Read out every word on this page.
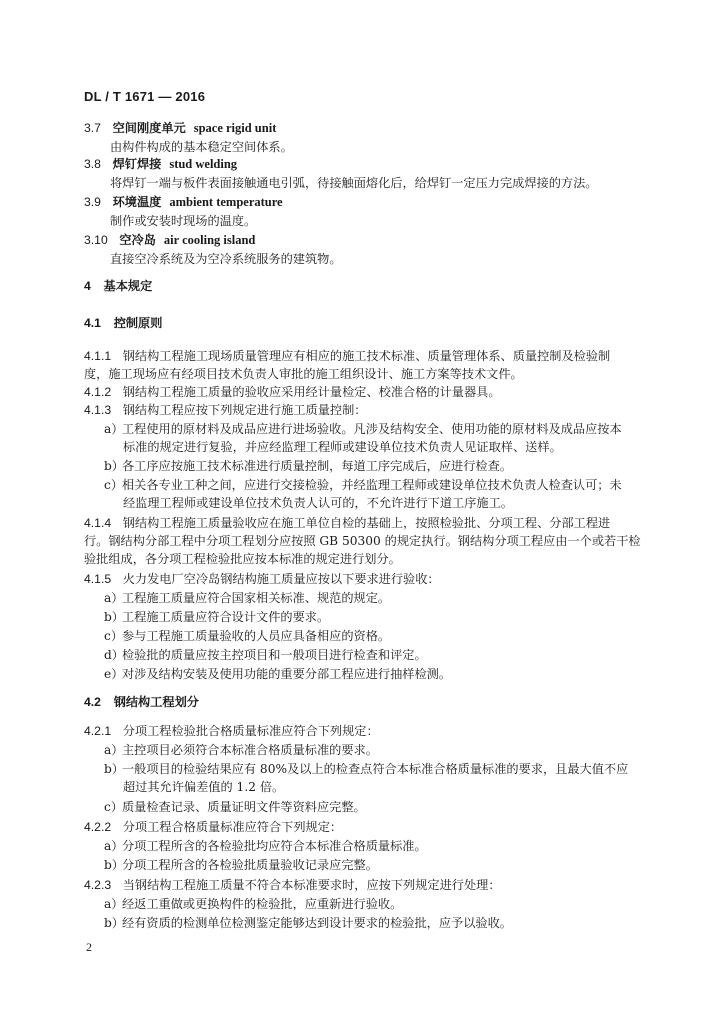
DL / T 1671 — 2016
3.7 空间刚度单元 space rigid unit
由构件构成的基本稳定空间体系。
3.8 焊钉焊接 stud welding
将焊钉一端与板件表面接触通电引弧，待接触面熔化后，给焊钉一定压力完成焊接的方法。
3.9 环境温度 ambient temperature
制作或安装时现场的温度。
3.10 空冷岛 air cooling island
直接空冷系统及为空冷系统服务的建筑物。
4 基本规定
4.1 控制原则
4.1.1 钢结构工程施工现场质量管理应有相应的施工技术标准、质量管理体系、质量控制及检验制
度，施工现场应有经项目技术负责人审批的施工组织设计、施工方案等技术文件。
4.1.2 钢结构工程施工质量的验收应采用经计量检定、校准合格的计量器具。
4.1.3 钢结构工程应按下列规定进行施工质量控制：
a）工程使用的原材料及成品应进行进场验收。凡涉及结构安全、使用功能的原材料及成品应按本
标准的规定进行复验，并应经监理工程师或建设单位技术负责人见证取样、送样。
b）各工序应按施工技术标准进行质量控制，每道工序完成后，应进行检查。
c）相关各专业工种之间，应进行交接检验，并经监理工程师或建设单位技术负责人检查认可；未
经监理工程师或建设单位技术负责人认可的，不允许进行下道工序施工。
4.1.4 钢结构工程施工质量验收应在施工单位自检的基础上，按照检验批、分项工程、分部工程进
行。钢结构分部工程中分项工程划分应按照 GB 50300 的规定执行。钢结构分项工程应由一个或若干检
验批组成，各分项工程检验批应按本标准的规定进行划分。
4.1.5 火力发电厂空冷岛钢结构施工质量应按以下要求进行验收：
a）工程施工质量应符合国家相关标准、规范的规定。
b）工程施工质量应符合设计文件的要求。
c）参与工程施工质量验收的人员应具备相应的资格。
d）检验批的质量应按主控项目和一般项目进行检查和评定。
e）对涉及结构安装及使用功能的重要分部工程应进行抽样检测。
4.2 钢结构工程划分
4.2.1 分项工程检验批合格质量标准应符合下列规定：
a）主控项目必须符合本标准合格质量标准的要求。
b）一般项目的检验结果应有 80%及以上的检查点符合本标准合格质量标准的要求，且最大值不应
超过其允许偏差值的 1.2 倍。
c）质量检查记录、质量证明文件等资料应完整。
4.2.2 分项工程合格质量标准应符合下列规定：
a）分项工程所含的各检验批均应符合本标准合格质量标准。
b）分项工程所含的各检验批质量验收记录应完整。
4.2.3 当钢结构工程施工质量不符合本标准要求时，应按下列规定进行处理：
a）经返工重做或更换构件的检验批，应重新进行验收。
b）经有资质的检测单位检测鉴定能够达到设计要求的检验批，应予以验收。
2
